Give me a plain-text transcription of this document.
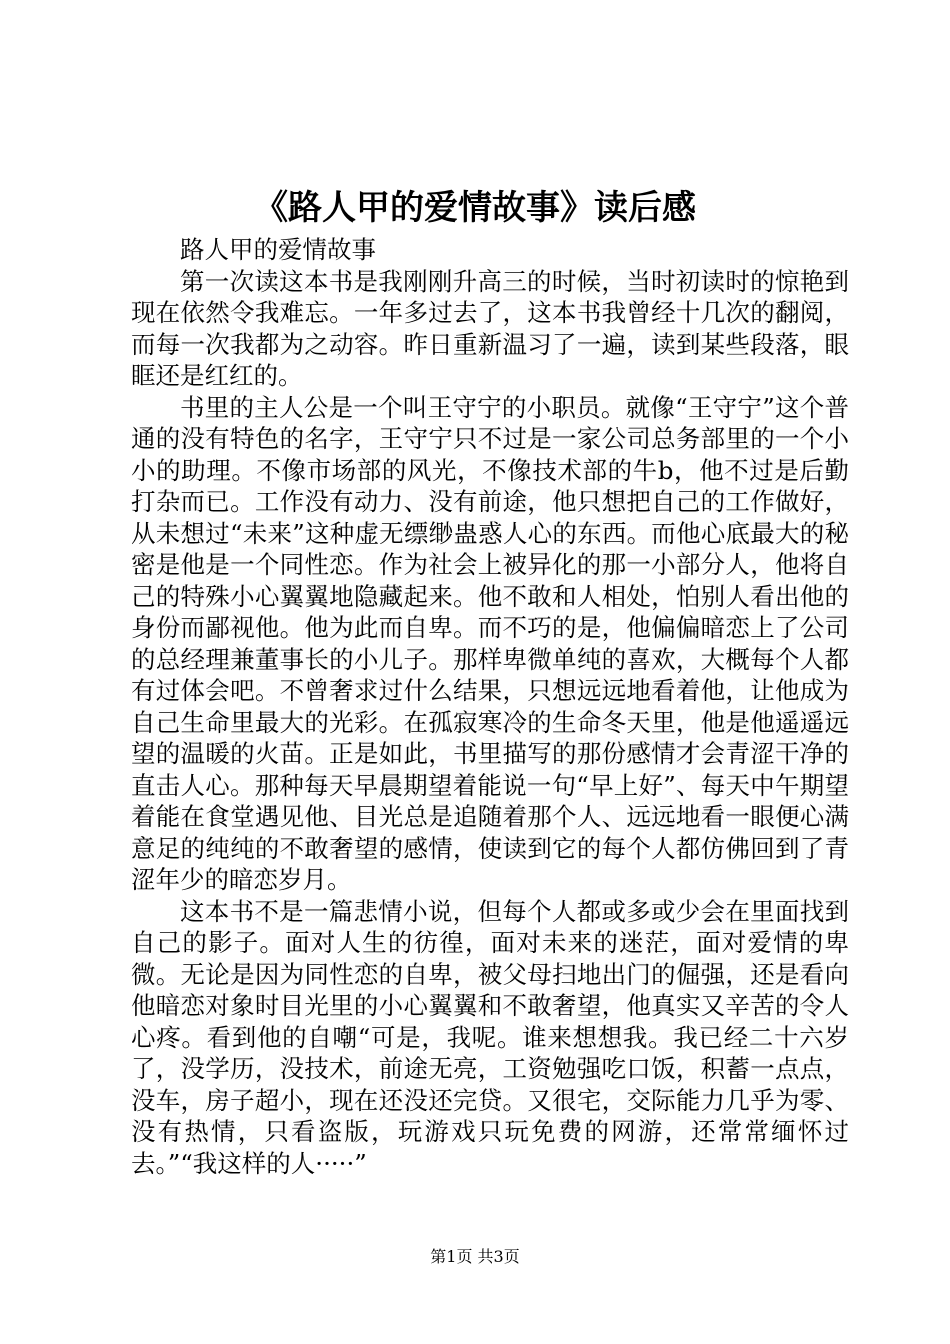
《路人甲的爱情故事》读后感

路人甲的爱情故事

第一次读这本书是我刚刚升高三的时候，当时初读时的惊艳到现在依然令我难忘。一年多过去了，这本书我曾经十几次的翻阅，而每一次我都为之动容。昨日重新温习了一遍，读到某些段落，眼眶还是红红的。

书里的主人公是一个叫王守宁的小职员。就像“王守宁”这个普通的没有特色的名字，王守宁只不过是一家公司总务部里的一个小小的助理。不像市场部的风光，不像技术部的牛b，他不过是后勤打杂而已。工作没有动力、没有前途，他只想把自己的工作做好，从未想过“未来”这种虚无缥缈蛊惑人心的东西。而他心底最大的秘密是他是一个同性恋。作为社会上被异化的那一小部分人，他将自己的特殊小心翼翼地隐藏起来。他不敢和人相处，怕别人看出他的身份而鄙视他。他为此而自卑。而不巧的是，他偏偏暗恋上了公司的总经理兼董事长的小儿子。那样卑微单纯的喜欢，大概每个人都有过体会吧。不曾奢求过什么结果，只想远远地看着他，让他成为自己生命里最大的光彩。在孤寂寒冷的生命冬天里，他是他遥遥远望的温暖的火苗。正是如此，书里描写的那份感情才会青涩干净的直击人心。那种每天早晨期望着能说一句“早上好”、每天中午期望着能在食堂遇见他、目光总是追随着那个人、远远地看一眼便心满意足的纯纯的不敢奢望的感情，使读到它的每个人都仿佛回到了青涩年少的暗恋岁月。

这本书不是一篇悲情小说，但每个人都或多或少会在里面找到自己的影子。面对人生的彷徨，面对未来的迷茫，面对爱情的卑微。无论是因为同性恋的自卑，被父母扫地出门的倔强，还是看向他暗恋对象时目光里的小心翼翼和不敢奢望，他真实又辛苦的令人心疼。看到他的自嘲“可是，我呢。谁来想想我。我已经二十六岁了，没学历，没技术，前途无亮，工资勉强吃口饭，积蓄一点点，没车，房子超小，现在还没还完贷。又很宅，交际能力几乎为零、没有热情，只看盗版，玩游戏只玩免费的网游，还常常缅怀过去。”“我这样的人·····”

第1页 共3页
